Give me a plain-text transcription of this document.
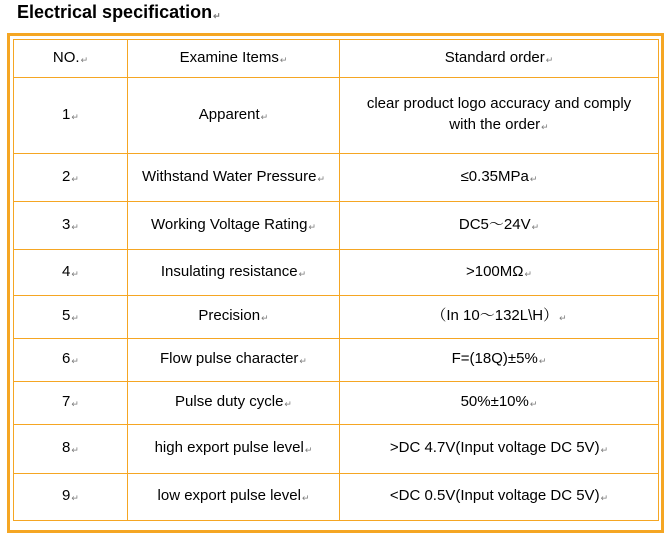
Electrical specification↵
NO.↵	Examine Items↵	Standard order↵
1↵	Apparent↵	clear product logo accuracy and comply with the order↵
2↵	Withstand Water Pressure↵	≤0.35MPa↵
3↵	Working Voltage Rating↵	DC5～24V↵
4↵	Insulating resistance↵	>100MΩ↵
5↵	Precision↵	（In 10～132L\H）↵
6↵	Flow pulse character↵	F=(18Q)±5%↵
7↵	Pulse duty cycle↵	50%±10%↵
8↵	high export pulse level↵	>DC 4.7V(Input voltage DC 5V)↵
9↵	low export pulse level↵	<DC 0.5V(Input voltage DC 5V)↵
